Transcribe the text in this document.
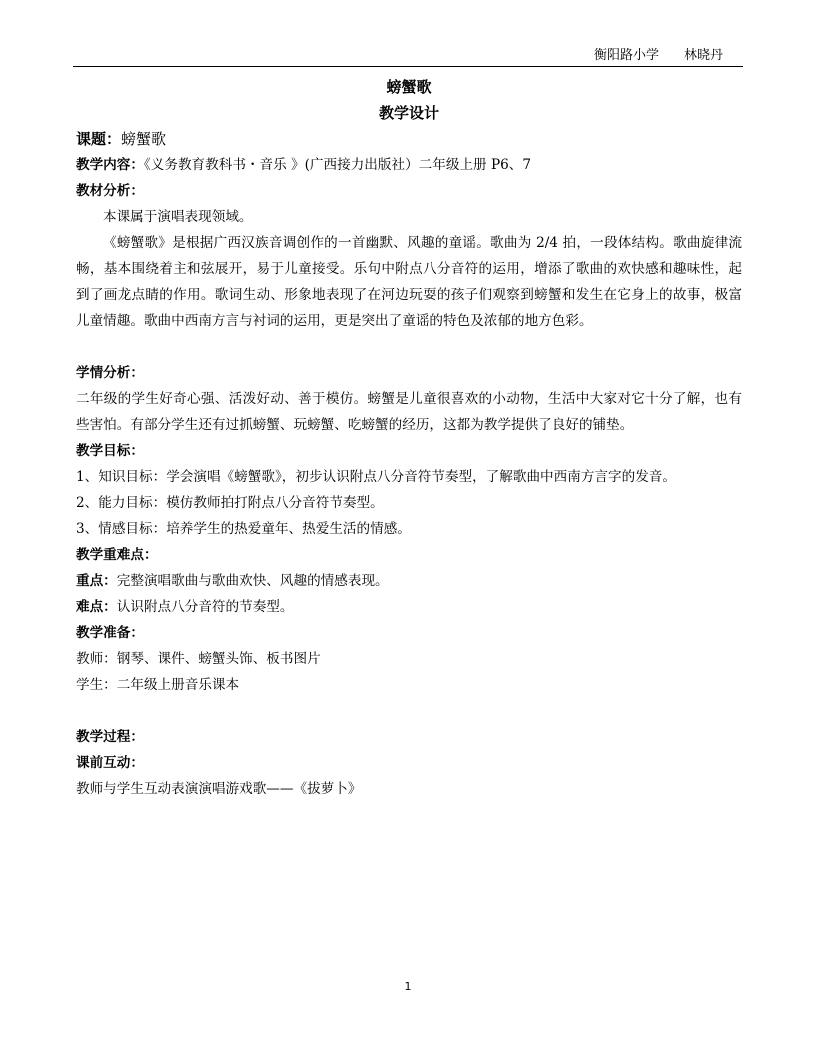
衡阳路小学 林晓丹
螃蟹歌
教学设计
课题：螃蟹歌
教学内容：《义务教育教科书・音乐 》(广西接力出版社）二年级上册 P6、7
教材分析：
本课属于演唱表现领域。

《螃蟹歌》是根据广西汉族音调创作的一首幽默、风趣的童谣。歌曲为 2/4 拍，一段体结构。歌曲旋律流畅，基本围绕着主和弦展开，易于儿童接受。乐句中附点八分音符的运用，增添了歌曲的欢快感和趣味性，起到了画龙点睛的作用。歌词生动、形象地表现了在河边玩耍的孩子们观察到螃蟹和发生在它身上的故事，极富儿童情趣。歌曲中西南方言与衬词的运用，更是突出了童谣的特色及浓郁的地方色彩。

学情分析：

二年级的学生好奇心强、活泼好动、善于模仿。螃蟹是儿童很喜欢的小动物，生活中大家对它十分了解，也有些害怕。有部分学生还有过抓螃蟹、玩螃蟹、吃螃蟹的经历，这都为教学提供了良好的铺垫。

教学目标：

1、知识目标：学会演唱《螃蟹歌》，初步认识附点八分音符节奏型，了解歌曲中西南方言字的发音。

2、能力目标：模仿教师拍打附点八分音符节奏型。
3、情感目标：培养学生的热爱童年、热爱生活的情感。
教学重难点：
重点：完整演唱歌曲与歌曲欢快、风趣的情感表现。
难点：认识附点八分音符的节奏型。
教学准备：
教师：钢琴、课件、螃蟹头饰、板书图片
学生：二年级上册音乐课本
教学过程：
课前互动：
教师与学生互动表演演唱游戏歌——《拔萝卜》
1
